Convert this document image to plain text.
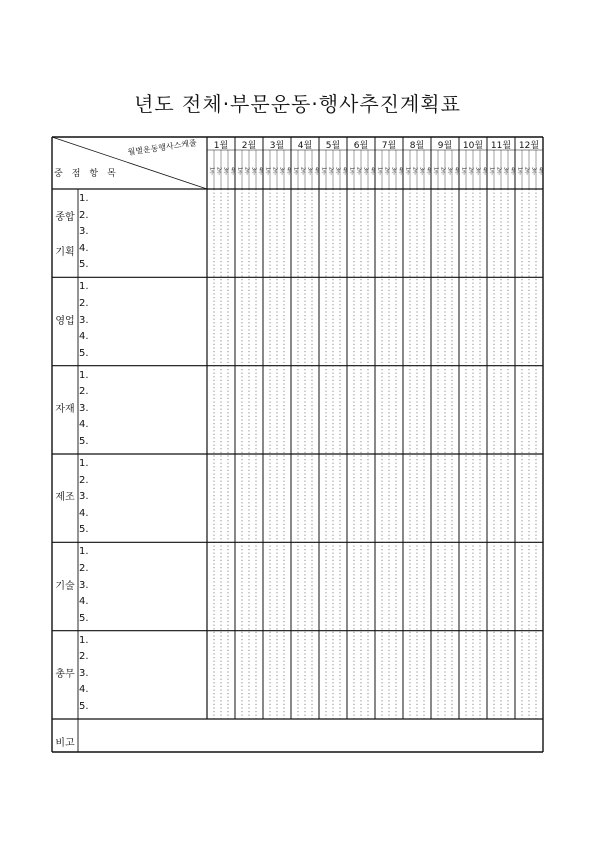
년도 전체·부문운동·행사추진계획표
중점항목
월별운동행사스케줄	1월
1주 2주 3주 4주
2월
1주 2주 3주 4주
3월
1주 2주 3주 4주
4월
1주 2주 3주 4주
5월
1주 2주 3주 4주
6월
1주 2주 3주 4주
7월
1주 2주 3주 4주
8월
1주 2주 3주 4주
9월
1주 2주 3주 4주
10월
1주 2주 3주 4주
11월
1주 2주 3주 4주
12월
1주 2주 3주 4주
종합
기획
1.
2.
3.
4.
5.
영업
1.
2.
3.
4.
5.
자재
1.
2.
3.
4.
5.
제조
1.
2.
3.
4.
5.
기술
1.
2.
3.
4.
5.
총무
1.
2.
3.
4.
5.
비고
